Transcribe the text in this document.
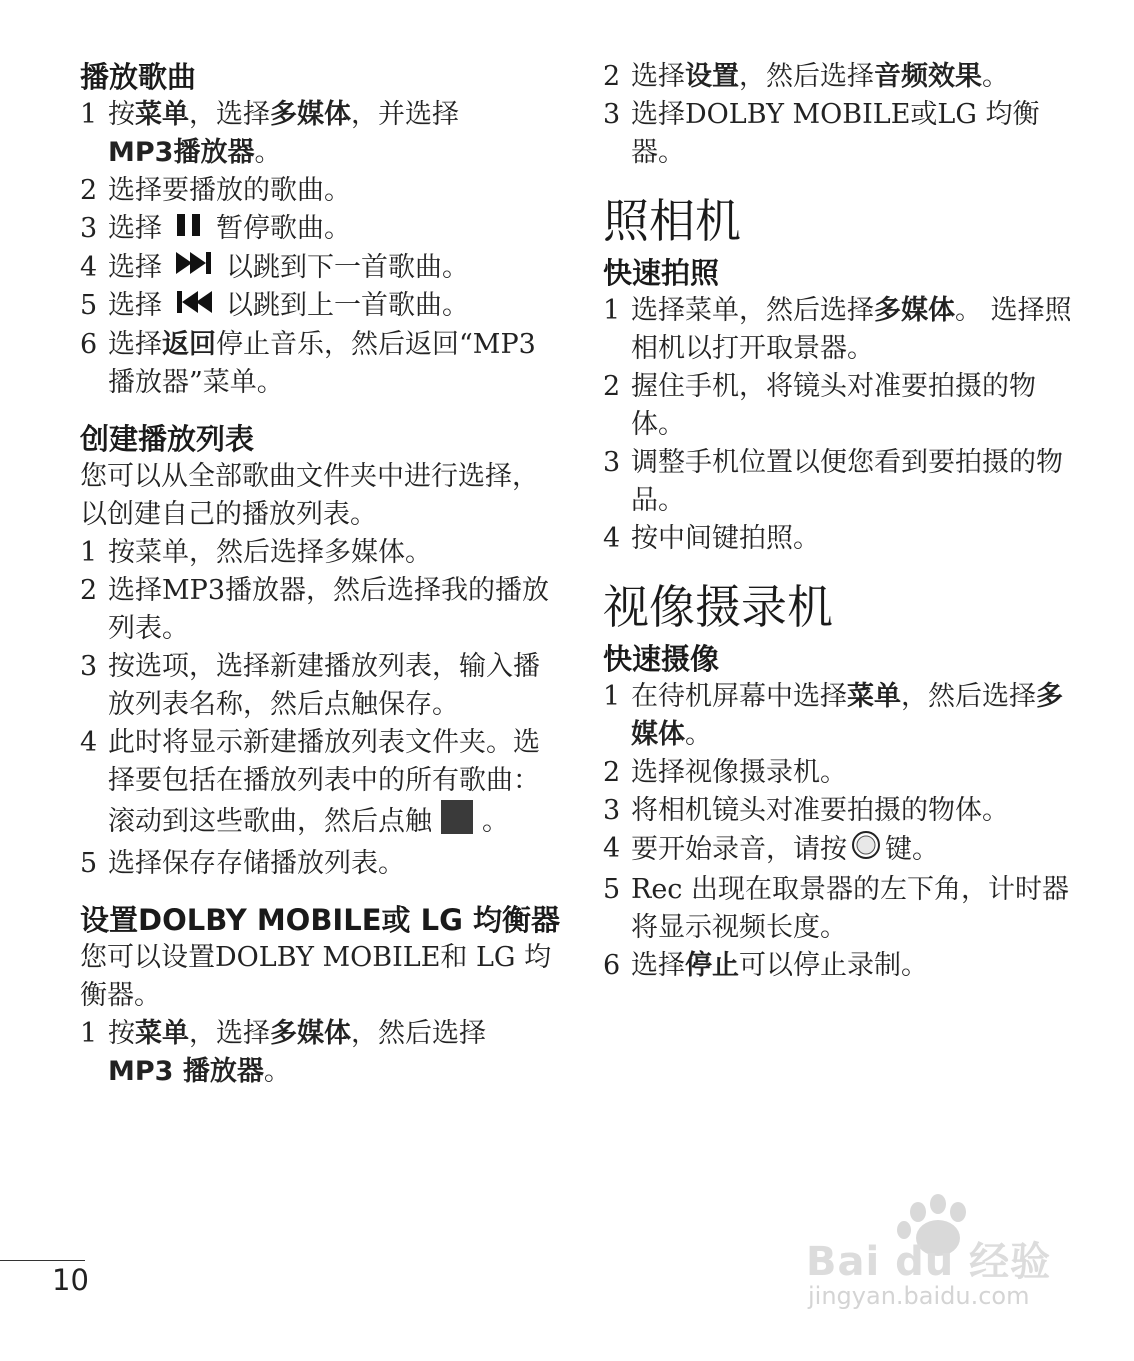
播放歌曲
1 按菜单，选择多媒体，并选择
MP3播放器。
2 选择要播放的歌曲。
3 选择 暂停歌曲。
4 选择 以跳到下一首歌曲。
5 选择 以跳到上一首歌曲。
6 选择返回停止音乐，然后返回“MP3 播放器”菜单。
创建播放列表

您可以从全部歌曲文件夹中进行选择，以创建自己的播放列表。

1 按菜单，然后选择多媒体。
2 选择MP3播放器，然后选择我的播放列表。
3 按选项，选择新建播放列表，输入播放列表名称，然后点触保存。
4 此时将显示新建播放列表文件夹。选择要包括在播放列表中的所有歌曲：滚动到这些歌曲，然后点触 。
5 选择保存存储播放列表。
设置DOLBY MOBILE或 LG 均衡器

您可以设置DOLBY MOBILE和 LG 均衡器。

1 按菜单，选择多媒体，然后选择
MP3 播放器。
2 选择设置，然后选择音频效果。
3 选择DOLBY MOBILE或LG 均衡器。
照相机
快速拍照
1 选择菜单，然后选择多媒体。 选择照相机以打开取景器。
2 握住手机，将镜头对准要拍摄的物体。
3 调整手机位置以便您看到要拍摄的物品。
4 按中间键拍照。
视像摄录机
快速摄像
1 在待机屏幕中选择菜单，然后选择多媒体。
2 选择视像摄录机。
3 将相机镜头对准要拍摄的物体。
4 要开始录音，请按 键。
5 Rec 出现在取景器的左下角，计时器将显示视频长度。
6 选择停止可以停止录制。
10	Bai du 经验
jingyan.baidu.com
